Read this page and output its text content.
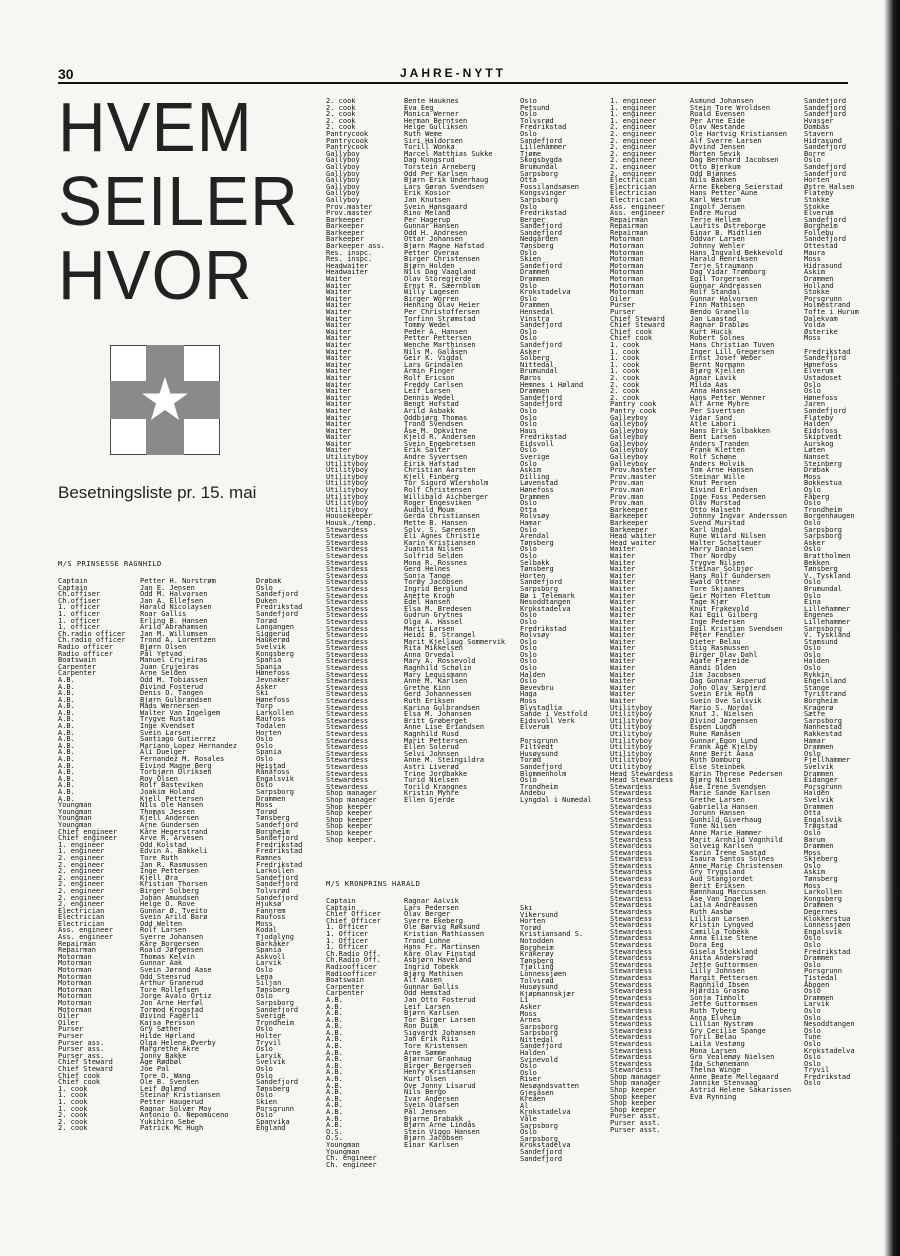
30	JAHRE-NYTT
HVEM
SEILER
HVOR
Besetningsliste pr. 15. mai
M/S PRINSESSE RAGNHILD
M/S KRONPRINS HARALD
Captain
Captain
Ch.offiser
Ch.offiser
1. officer
1. officer
1. officer
1. officer
Ch.radio officer
Ch.radio officer
Radio officer
Radio officer
Boatswain
Carpenter
Carpenter
A.B.
A.B.
A.B.
A.B.
A.B.
A.B.
A.B.
A.B.
A.B.
A.B.
A.B.
A.B.
A.B.
A.B.
A.B.
A.B.
A.B.
A.B.
A.B.
Youngman
Youngman
Youngman
Youngman
Chief engineer
Chief engineer
1. engineer
1. engineer
2. engineer
2. engineer
2. engineer
2. engineer
2. engineer
2. engineer
2. engineer
2. engineer
Electrician
Electrician
Electrician
Ass. engineer
Ass. engineer
Repairman
Repairman
Motorman
Motorman
Motorman
Motorman
Motorman
Motorman
Motorman
Motorman
Motorman
Oiler
Oiler
Purser
Purser
Purser ass.
Purser ass.
Purser ass.
Chief Steward
Chief Steward
Chief cook
Chief cook
1. cook
1. cook
1. cook
1. cook
2. cook
2. cook
2. cook
Petter H. Norstrøm
Jan E. Jensen
Odd M. Halvorsen
Jan A. Ellefsen
Harald Nicolaysen
Roar Gallis
Erling B. Hansen
Arild Abrahamsen
Jan M. Willumsen
Trond A. Lorentzen
Bjørn Olsen
Pål Yetvad
Manuel Crujeiras
Juan Crujeiras
Arne Selden
Odd M. Tobiassen
Øivind Fosterud
Denis O. Tangen
Bjørn Gulbrandsen
Mads Wernersen
Walter Van Ingelgem
Trygve Rustad
Inge Kvendset
Svein Larsen
Santiago Gutierrez
Mariano Lopez Hernandez
Ali Duelger
Fernandez M. Rosales
Eivind Magne Berg
Torbjørn Ulriksen
Roy Olsen
Rolf Basteviken
Joakim Holand
Kjell Pettersen
Nils Ole Hansen
Thomas Jessen
Kjell Andersen
Arne Gundersen
Kåre Hegerstrand
Arve R. Arvesen
Odd Kolstad
Edvin A. Bakkeli
Tore Ruth
Jan R. Rasmussen
Inge Pettersen
Kjell Øra
Kristian Thorsen
Birger Solberg
Johan Amundsen
Helge O. Rove
Gunnar Ø. Tveito
Svein Arild Barø
Odd Welten
Rolf Larsen
Sverre Johansen
Kåre Borgersen
Roald Jørgensen
Thomas Kelvin
Gunnar Aak
Svein Jørand Aase
Odd Stensrud
Arthur Granerud
Tore Rollefsen
Jorge Avalo Ortiz
Jon Arne Herføl
Tormod Krogstad
Øivind Fagerli
Kajsa Persson
Gry Sæther
Hilde Hørland
Olga Helene Øverby
Margrethe Akre
Jonny Bakke
Åge Rødbøl
Joe Pal
Tore O. Wang
Ole B. Svensen
Leif Øglænd
Steinar Kristiansen
Petter Haugerud
Ragnar Solvær Moy
Antonio O. Nepomuceno
Yukihiro Sebe
Patrick Mc Hugh
Drøbak
Oslo
Sandefjord
Duken
Fredrikstad
Sandefjord
Torød
Langangen
Siggerud
Haukerød
Svelvik
Kongsberg
Spania
Spania
Hønefoss
Jevnaker
Asker
Ski
Hønefoss
Torp
Larkollen
Raufoss
Todalen
Horten
Oslo
Oslo
Spania
Oslo
Heistad
Rånåfoss
Engalsvik
Oslo
Sarpsborg
Drammen
Moss
Torød
Tønsberg
Sandefjord
Borgheim
Sandefjord
Fredrikstad
Fredrikstad
Ramnes
Fredrikstad
Larkollen
Sandefjord
Sandefjord
Tolvsrød
Sandefjord
Hjuksø
Fannrem
Raufoss
Moss
Kodal
Tjodalyng
Barkåker
Spania
Askvoll
Larvik
Oslo
Lena
Siljan
Tønsberg
Oslo
Sarpsborg
Sandefjord
Sverige
Trondheim
Oslo
Holter
Tryvil
Oslo
Larvik
Svelvik
Oslo
Oslo
Sandefjord
Tønsberg
Oslo
Skien
Porsgrunn
Oslo
Spanvika
England
2. cook
2. cook
2. cook
2. cook
2. cook
Pantrycook
Pantrycook
Pantrycook
Gallyboy
Gallyboy
Gallyboy
Gallyboy
Gallyboy
Gallyboy
Gallyboy
Gallyboy
Prov.master
Prov.master
Barkeeper
Barkeeper
Barkeeper
Barkeeper
Barkeeper ass.
Res. inspc.
Res. inspc.
Headwaiter
Headwaiter
Waiter
Waiter
Waiter
Waiter
Waiter
Waiter
Waiter
Waiter
Waiter
Waiter
Waiter
Waiter
Waiter
Waiter
Waiter
Waiter
Waiter
Waiter
Waiter
Waiter
Waiter
Waiter
Waiter
Waiter
Waiter
Waiter
Waiter
Utilityboy
Utilityboy
Utilityboy
Utilityboy
Utilityboy
Utilityboy
Utilityboy
Utilityboy
Utilityboy
Housekeeper
Housk./temp.
Stewardess
Stewardess
Stewardess
Stewardess
Stewardess
Stewardess
Stewardess
Stewardess
Stewardess
Stewardess
Stewardess
Stewardess
Stewardess
Stewardess
Stewardess
Stewardess
Stewardess
Stewardess
Stewardess
Stewardess
Stewardess
Stewardess
Stewardess
Stewardess
Stewardess
Stewardess
Stewardess
Stewardess
Stewardess
Stewardess
Stewardess
Stewardess
Stewardess
Stewardess
Stewardess
Stewardess
Stewardess
Stewardess
Stewardess
Stewardess
Shop manager
Shop manager
Shop keeper
Shop keeper
Shop keeper
Shop keeper
Shop keeper
Shop keeper.
Bente Hauknes
Eva Eeg
Monica Werner
Herman Berntsen
Helge Gulliksen
Ruth Weme
Siri Haldorsen
Torill Wonka
Marcel Matthias Sukke
Dag Kongsrud
Torstein Arneberg
Odd Per Karlsen
Bjørn Erik Underhaug
Lars Gøran Svendsen
Erik Kosior
Jan Knutsen
Svein Hansgaard
Rino Meland
Per Hagerup
Gunnar Hansen
Odd H. Andresen
Ottar Johansen
Bjørn Magne Hafstad
Petter Overaa
Birger Christensen
Bjørn Holden
Nils Dag Vaagland
Olav Storegjerde
Ernst R. Sæernblom
Willy Lagesen
Birger Worren
Henning Olav Heier
Per Christoffersen
Torfinn Strømstad
Tommy Wedel
Peder A. Hansen
Petter Pettersen
Wenche Marthinsen
Nils M. Galåsen
Geir K. Vigdal
Lars Grindalen
Armin Finger
Rolf Ericson
Freddy Carlsen
Leif Larsen
Dennis Wedel
Bengt Hofstad
Arild Asbakk
Oddbjørg Thomas
Trond Svendsen
Åse M. Opkvitne
Kjeld R. Andersen
Svein Engebretsen
Erik Salter
Andre Syvertsen
Eirik Hafstad
Christian Aarsten
Kjell Finberg
Tor Sigurd Wiersholm
Rolf Christensen
Willibald Aichberger
Roger Engesviken
Audhild Moum
Gerda Christiansen
Mette B. Hansen
Solv. S. Sørensen
Eli Agnes Christie
Karin Kristiansen
Juanita Nilsen
Solfrid Selden
Mona R. Rossnes
Gerd Helnes
Sonja Tange
Torøy Jacobsen
Ingrid Berglund
Anette Krogh
Edel Hansen
Elsa M. Bredesen
Gudrun Grytnes
Olga A. Hassel
Marit Larsen
Heidi B. Strangel
Marit Kjellaug Sommervik
Rita Mikkelsen
Anna Orvedal
Mary A. Rossevold
Ragnhild Schølin
Mary Leguismann
Anne M. Karlsen
Grethe Kinn
Gerd Johannessen
Ruth Eriksen
Karina Gulbrandsen
Elsa M. Johansen
Britt Grøberget
Anne Lise Eriandsen
Ragnhild Rusd
Marit Pettersen
Ellen Solerud
Selvi Johnsen
Anne M. Steingildra
Astri Liverød
Trine Jordbakke
Turid Nielsen
Torild Krangnes
Kristin Myhre
Ellen Gjerde
Oslo
Petsund
Oslo
Tolvsrød
Fredrikstad
Oslo
Sandefjord
Lillehammer
Tjøme
Skogsbygda
Brumundal
Sarpsborg
Otta
Fossilandsøsen
Kongsvinger
Sarpsborg
Oslo
Fredrikstad
Berger
Sandefjord
Sandefjord
Nedgården
Tønsberg
Oslo
Skien
Sandefjord
Drammen
Drammen
Oslo
Krokstadelva
Oslo
Drammen
Hensedal
Vinstra
Sandefjord
Oslo
Oslo
Sandefjord
Asker
Solberg
Nittedal
Brumundal
Røros
Hemnes i Høland
Drammen
Sandefjord
Sandefjord
Oslo
Oslo
Oslo
Haus
Fredrikstad
Eidsvoll
Oslo
Sverige
Oslo
Askim
Dilling
Løvenstad
Hønefoss
Drammen
Oslo
Otta
Rolvsøy
Hamar
Oslo
Arendal
Tønsberg
Oslo
Oslo
Selbakk
Tønsberg
Horten
Sandefjord
Sarpsborg
Bø i Telemark
Nesoddtangen
Krokstadelva
Oslo
Oslo
Fredrikstad
Rolvsøy
Oslo
Oslo
Oslo
Oslo
Oslo
Halden
Oslo
Bevevbru
Haga
Moss
Blystadlia
Sande i Vestfold
Eidsvoll Verk
Elverum
Porsgrunn
Filtvedt
Husøysund
Torød
Sandefjord
Blommenholm
Oslo
Trondheim
Andebu
Lyngdal i Numedal
Captain
Captain
Chief Officer
Chief Officer
1. Officer
1. Officer
1. Officer
1. Officer
Ch.Radio Off.
Ch.Radio Off.
Radioofficer
Radioofficer
Boatswain
Carpenter
Carpenter
A.B.
A.B.
A.B.
A.B.
A.B.
A.B.
A.B.
A.B.
A.B.
A.B.
A.B.
A.B.
A.B.
A.B.
A.B.
A.B.
A.B.
A.B.
A.B.
A.B.
O.S.
O.S.
Youngman
Youngman
Ch. engineer
Ch. engineer
Ragnar Aalvik
Lars Pedersen
Olav Berger
Sverre Ekeberg
Ole Børvig Røksund
Kristian Mathiassen
Trond Lohne
Hans Fr. Martinsen
Kåre Olav Finstad
Asbjørn Haveland
Ingrid Tobekk
Bjørg Mathisen
Alf Aasen
Gunnar Gallis
Odd Hemstad
Jan Otto Fosterud
Leif Larsen
Bjørn Karlsen
Tor Birger Larsen
Ron Duim
Sigvardt Johansen
Jan Erik Riis
Tore Kristensen
Arne Sømme
Bjørnar Granhaug
Birger Bergersen
Henry Kristiansen
Kurt Olsen
Ove Jonny Lisarud
Nils Bergo
Ivar Andersen
Svein Olafsen
Pål Jensen
Bjarne Drabakk
Bjørn Arne Lindås
Stein Viggo Hansen
Bjørn Jacobsen
Einar Karlsen
Ski
Vikersund
Horten
Torød
Kristiansand S.
Notodden
Borgheim
Kråkerøy
Tønsberg
Tjølling
Lonnessjøen
Tolvsrød
Husøysund
Kjøpmannskjær
Li
Asker
Moss
Arnes
Sarpsborg
Sarpsborg
Nittedal
Sandefjord
Halden
Svinevold
Oslo
Oslo
Riser
Nesøandsvatten
Gjesåsen
Kreåen
Al
Krokstadelva
Våle
Sarpsborg
Oslo
Sarpsborg
Krokstadelva
Sandefjord
Sandefjord
1. engineer
1. engineer
1. engineer
1. engineer
2. engineer
2. engineer
2. engineer
2. engineer
2. engineer
2. engineer
2. engineer
2. engineer
Electrician
Electrician
Electrician
Electrician
Ass. engineer
Ass. engineer
Repairman
Repairman
Repairman
Motorman
Motorman
Motorman
Motorman
Motorman
Motorman
Motorman
Motorman
Motorman
Oiler
Purser
Purser
Chief Steward
Chief Steward
Chief cook
Chief cook
1. cook
1. cook
1. cook
1. cook
1. cook
2. cook
2. cook
2. cook
2. cook
Pantry cook
Pantry cook
Galleyboy
Galleyboy
Galleyboy
Galleyboy
Galleyboy
Galleyboy
Galleyboy
Galleyboy
Prov.master
Prov.master
Prov.man
Prov.man
Prov.man
Prov.man
Barkeeper
Barkeeper
Barkeeper
Barkeeper
Head waiter
Head waiter
Waiter
Waiter
Waiter
Waiter
Waiter
Waiter
Waiter
Waiter
Waiter
Waiter
Waiter
Waiter
Waiter
Waiter
Waiter
Waiter
Waiter
Waiter
Waiter
Waiter
Waiter
Waiter
Waiter
Waiter
Utilityboy
Utilityboy
Utilityboy
Utilityboy
Utilityboy
Utilityboy
Utilityboy
Utilityboy
Utilityboy
Utilityboy
Head Stewardess
Head Stewardess
Stewardess
Stewardess
Stewardess
Stewardess
Stewardess
Stewardess
Stewardess
Stewardess
Stewardess
Stewardess
Stewardess
Stewardess
Stewardess
Stewardess
Stewardess
Stewardess
Stewardess
Stewardess
Stewardess
Stewardess
Stewardess
Stewardess
Stewardess
Stewardess
Stewardess
Stewardess
Stewardess
Stewardess
Stewardess
Stewardess
Stewardess
Stewardess
Stewardess
Stewardess
Stewardess
Stewardess
Stewardess
Stewardess
Stewardess
Stewardess
Stewardess
Stewardess
Stewardess
Stewardess
Shop manager
Shop manager
Shop keeper
Shop keeper
Shop keeper
Shop keeper
Purser asst.
Purser asst.
Purser asst.
Åsmund Johansen
Stein Tore Wroldsen
Roald Evensen
Per Arne Eide
Olav Nestande
Ole Hartvig Kristiansen
Alf Sverre Larsen
Øyvind Jensen
Morten Sevik
Dag Bernhard Jacobsen
Otto Bjerkum
Odd Bjønnes
Nils Bakken
Arne Ekeberg Seierstad
Hans Petter Aune
Karl Westrum
Ingolf Jensen
Endre Murud
Terje Hellem
Laurits Østreborge
Einar B. Midtlien
Oddvar Larsen
Johnny Wehler
Hans Ingvald Bekkevold
Harald Henriksen
Terje Straumann
Dag Vidar Trømborg
Egil Torgersen
Gunnar Andreassen
Rolf Standal
Gunnar Halvorsen
Finn Mathisen
Bendo Granello
Jan Laastad
Ragnar Drabløs
Kurt Hucik
Robert Solnes
Hans Christian Tuven
Inger Lill Gregersen
Ernst Josef Weber
Bernt Normann
Bjørg Kjellen
Agnar Lavik
Milda Aas
Anna Hanssen
Hans Petter Wenner
Alf Arne Myhre
Per Sivertsen
Vidar Sand
Atle Labori
Hans Erik Solbakken
Bent Larsen
Anders Tranden
Frank Kletten
Rolf Schøne
Anders Holvik
Tom Arne Hansen
Steinar Wille
Knut Persen
Eivind Erlandsen
Inge Foss Pedersen
Olav Murstad
Otto Halseth
Johnny Ingvar Andersson
Svend Murstad
Karl Undal
Rune Wilard Nilsen
Walter Schattauer
Harry Danielsen
Thor Nordby
Trygve Nilsen
Steinar Solbjør
Hans Rolf Gundersen
Ewald Ottner
Tore Skjaanes
Geir Morten Flettum
Tage Kjær
Knut Frakevold
Kai Egil Gilberg
Inge Pedersen
Egil Kristian Svendsen
Peter Fendler
Dieter Belau
Stig Rasmussen
Birger Olav Dahl
Agate Fjæreide
Randi Olden
Jim Jacobsen
Dag Gunnar Asperud
John Olav Særgjerd
Svein Erik Holm
Svein Ove Solsvik
Mario S. Nordal
Knut J. Nielsen
Øivind Jørgensen
Espen Lundh
Rune Rønåsen
Gunnar Egon Lund
Frank Åge Kjelby
Anne Berit Aasa
Ruth Domburg
Else Steinbek
Karin Therese Pedersen
Bjørg Nilsen
Åse Irene Svendsen
Marie Sande Karlsen
Grethe Larsen
Gabriella Hansen
Jorunn Hansen
Gunhild Giverhaug
Tone Nilsen
Anne Marie Hammer
Marit Arnhild Vognhild
Solveig Karlsen
Karin Irene Saatad
Isaura Santos Solnes
Anne Marie Christensen
Gry Trygsland
Aud Stangjordet
Berit Eriksen
Rønnhaug Marcussen
Åse Van Ingelem
Laila Andreassen
Ruth Aasbø
Lillian Larsen
Kristin Lyngved
Camilla Tobekk
Anna Elise Stene
Dora Eeg
Gisela Stokkland
Anita Andersrød
Jette Guttormsen
Lilly Johnsen
Margit Pettersen
Ragnhild Ibsen
Hjørdis Grasmo
Sonja Timholt
Jette Guttormsen
Ruth Tyberg
Anna Elvheim
Lillian Nystrøm
Gry Cecilie Spange
Toril Belau
Laila Vestøng
Mona Larsen
Gro Vealemøy Nielsen
Ida Schønemann
Thelma Winge
Anne Beate Mellegaard
Jannike Stenvaag
Astrid Helene Sakarissen
Eva Rynning
Sandefjord
Sandefjord
Sandefjord
Hvasser
Dombås
Stavern
Hidrasund
Sandefjord
Borre
Oslo
Sandefjord
Sandefjord
Horten
Østre Halsen
Flateby
Stokke
Stokke
Elverum
Sandefjord
Borgheim
Follebu
Sandefjord
Ottestad
Maura
Moss
Hidrasund
Askim
Drammen
Holland
Stokke
Porsgrunn
Holmestrand
Tofte i Hurum
Dalekvam
Volda
Østerike
Moss
Fredrikstad
Sandefjord
Hønefoss
Elverum
Ustadoset
Oslo
Oslo
Hønefoss
Jaren
Sandefjord
Flateby
Halden
Eidsfoss
Skiptvedt
Aurskog
Løten
Nanset
Steinberg
Drøbak
Moss
Bokkestua
Oslo
Fåberg
Oslo
Trondheim
Borgenhaugen
Oslo
Sarpsborg
Sarpsborg
Asker
Oslo
Brattholmen
Bekken
Tønsberg
V. Tyskland
Oslo
Brumundal
Oslo
Eina
Lillehammer
Engenes
Lillehammer
Sarpsborg
V. Tyskland
Stamsund
Oslo
Oslo
Halden
Oslo
Rykkin
Engelsland
Stange
Tyristrand
Borgheim
Kragerø
Sætre
Sarpsborg
Nannestad
Rakkestad
Hamar
Drammen
Oslo
Fjellhammer
Svelvik
Drammen
Eidanger
Porsgrunn
Halden
Svelvik
Drammen
Otta
Engalsvik
Trøgstad
Oslo
Barum
Drammen
Moss
Skjeberg
Oslo
Askim
Tønsberg
Moss
Larkollen
Kongsberg
Drammen
Degernes
Klokkerstua
Lonnessjøen
Engalsvik
Oslo
Oslo
Fredrikstad
Drammen
Oslo
Porsgrunn
Tistedal
Åbogen
Oslo
Drammen
Larvik
Oslo
Oslo
Nesoddtangen
Oslo
Tune
Oslo
Krokstadelva
Oslo
Oslo
Tryvil
Fredrikstad
Oslo
